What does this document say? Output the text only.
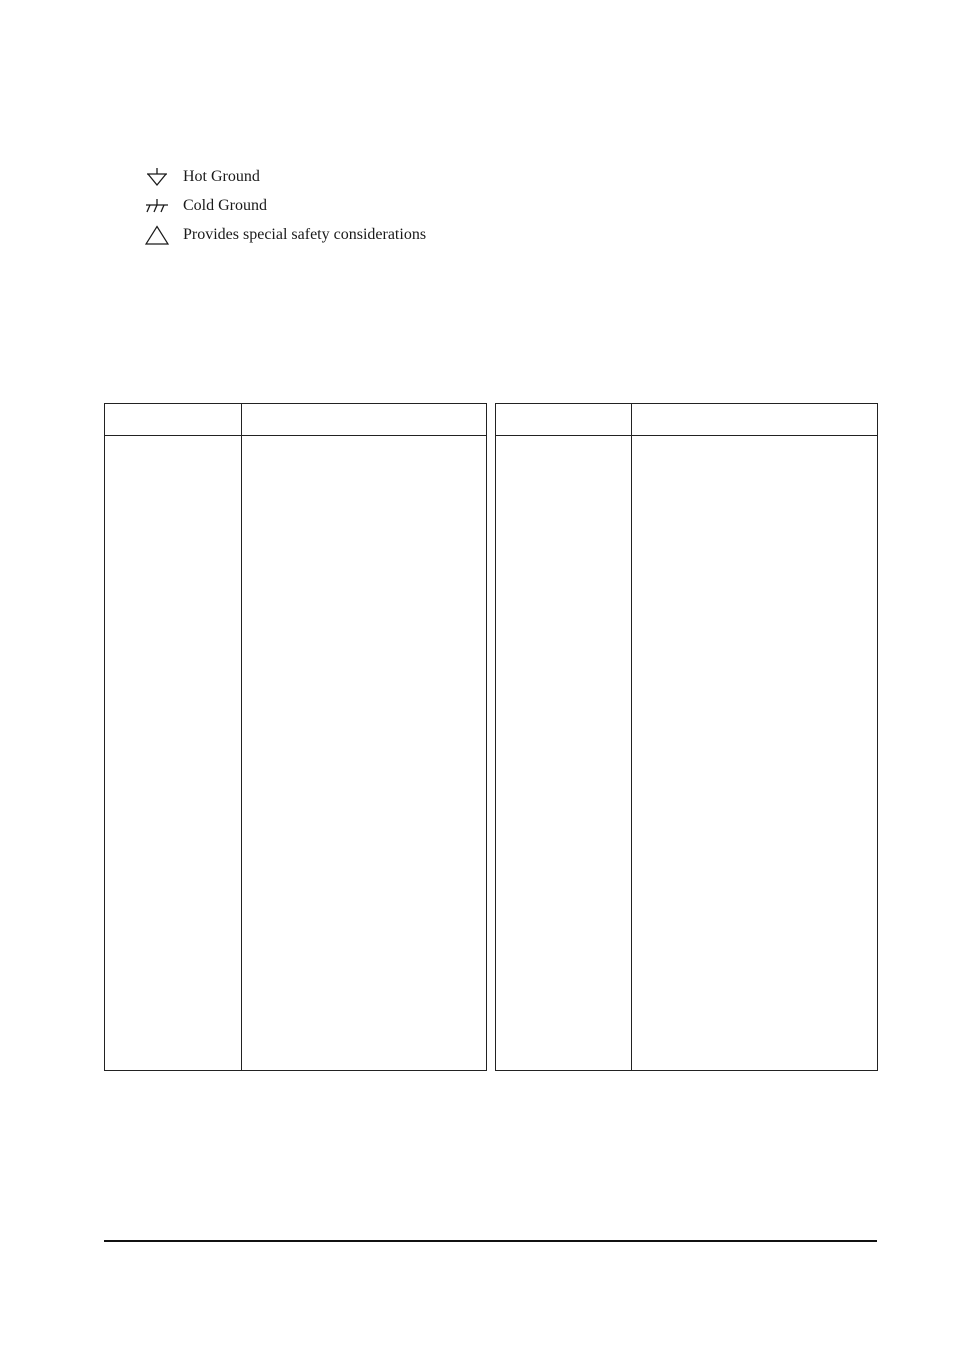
Hot Ground
Cold Ground
Provides special safety considerations
